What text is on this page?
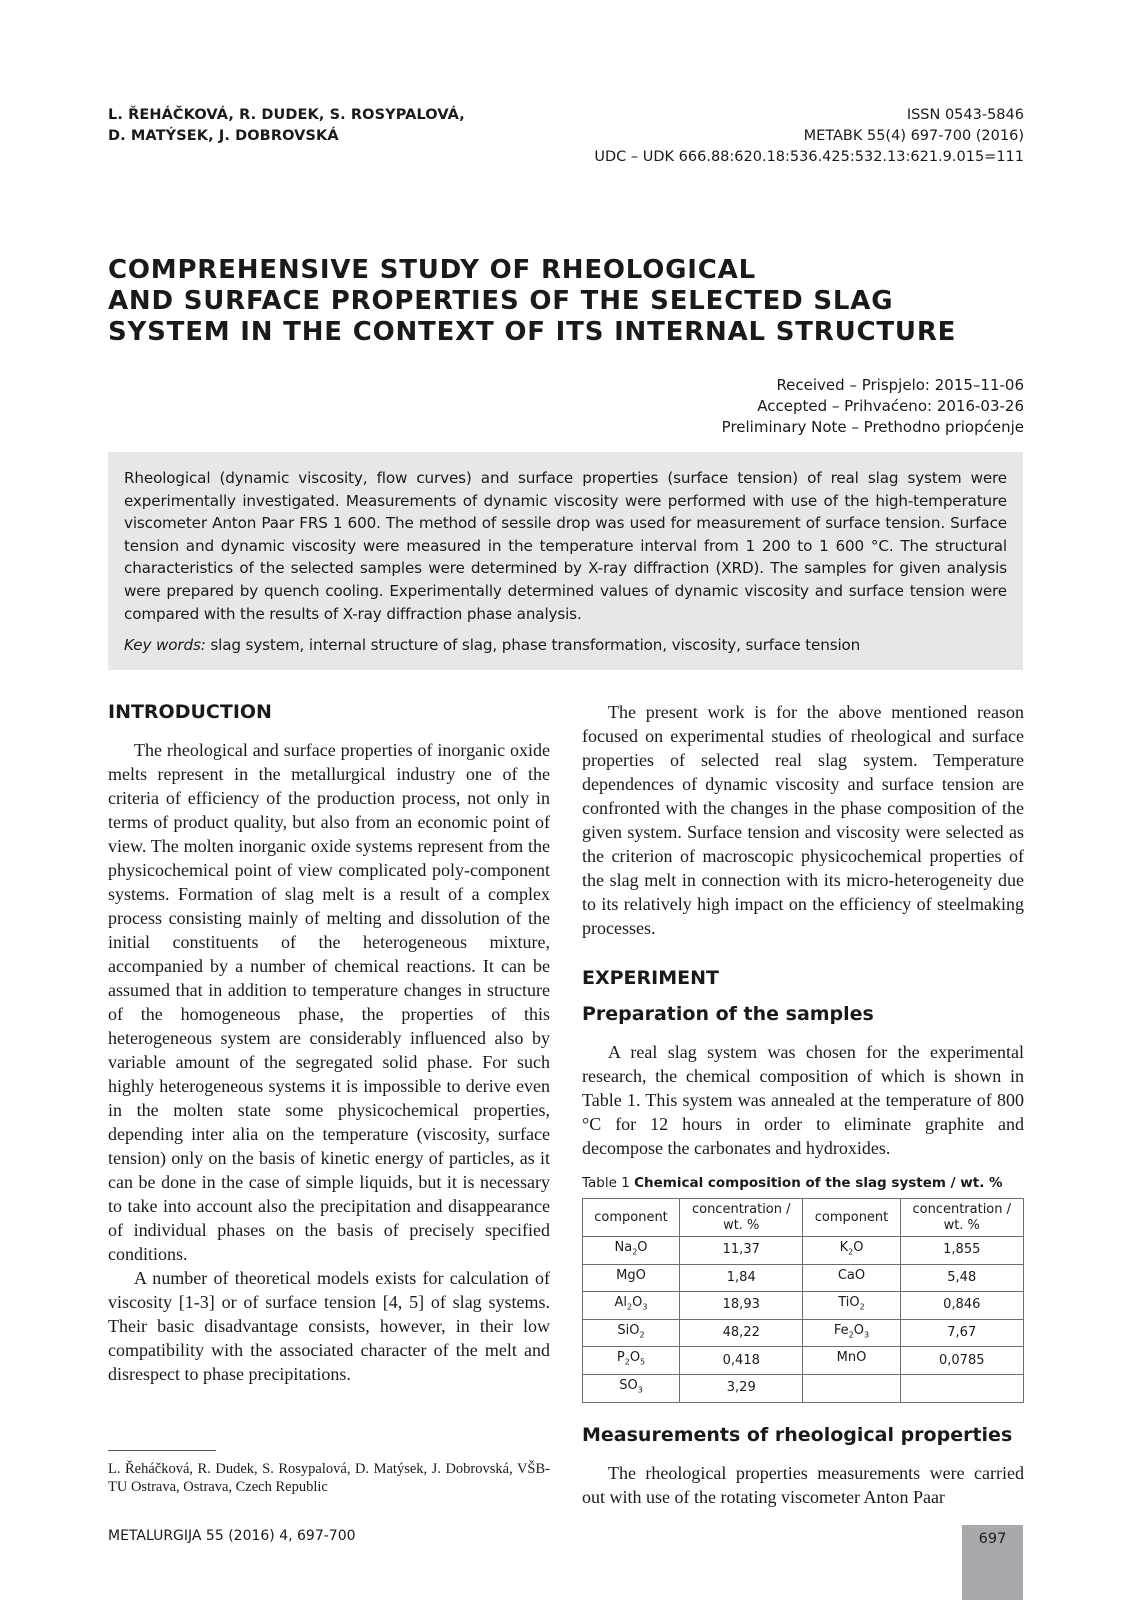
L. ŘEHÁČKOVÁ, R. DUDEK, S. ROSYPALOVÁ,
D. MATÝSEK, J. DOBROVSKÁ
ISSN 0543-5846
METABK 55(4) 697-700 (2016)
UDC – UDK 666.88:620.18:536.425:532.13:621.9.015=111
COMPREHENSIVE STUDY OF RHEOLOGICAL
AND SURFACE PROPERTIES OF THE SELECTED SLAG
SYSTEM IN THE CONTEXT OF ITS INTERNAL STRUCTURE
Received – Prispjelo: 2015–11-06
Accepted – Prihvaćeno: 2016-03-26
Preliminary Note – Prethodno priopćenje

Rheological (dynamic viscosity, flow curves) and surface properties (surface tension) of real slag system were experimentally investigated. Measurements of dynamic viscosity were performed with use of the high-temperature viscometer Anton Paar FRS 1 600. The method of sessile drop was used for measurement of surface tension. Surface tension and dynamic viscosity were measured in the temperature interval from 1 200 to 1 600 °C. The structural characteristics of the selected samples were determined by X-ray diffraction (XRD). The samples for given analysis were prepared by quench cooling. Experimentally determined values of dynamic viscosity and surface tension were compared with the results of X-ray diffraction phase analysis.

Key words: slag system, internal structure of slag, phase transformation, viscosity, surface tension

INTRODUCTION

The rheological and surface properties of inorganic oxide melts represent in the metallurgical industry one of the criteria of efficiency of the production process, not only in terms of product quality, but also from an economic point of view. The molten inorganic oxide systems represent from the physicochemical point of view complicated poly-component systems. Formation of slag melt is a result of a complex process consisting mainly of melting and dissolution of the initial constituents of the heterogeneous mixture, accompanied by a number of chemical reactions. It can be assumed that in addition to temperature changes in structure of the homogeneous phase, the properties of this heterogeneous system are considerably influenced also by variable amount of the segregated solid phase. For such highly heterogeneous systems it is impossible to derive even in the molten state some physicochemical properties, depending inter alia on the temperature (viscosity, surface tension) only on the basis of kinetic energy of particles, as it can be done in the case of simple liquids, but it is necessary to take into account also the precipitation and disappearance of individual phases on the basis of precisely specified conditions.

A number of theoretical models exists for calculation of viscosity [1-3] or of surface tension [4, 5] of slag systems. Their basic disadvantage consists, however, in their low compatibility with the associated character of the melt and disrespect to phase precipitations.

The present work is for the above mentioned reason focused on experimental studies of rheological and surface properties of selected real slag system. Temperature dependences of dynamic viscosity and surface tension are confronted with the changes in the phase composition of the given system. Surface tension and viscosity were selected as the criterion of macroscopic physicochemical properties of the slag melt in connection with its micro-heterogeneity due to its relatively high impact on the efficiency of steelmaking processes.

EXPERIMENT
Preparation of the samples

A real slag system was chosen for the experimental research, the chemical composition of which is shown in Table 1. This system was annealed at the temperature of 800 °C for 12 hours in order to eliminate graphite and decompose the carbonates and hydroxides.

Table 1 Chemical composition of the slag system / wt. %
component	concentration / wt. %	component	concentration / wt. %
$Na_2O$	11,37	$K_2O$	1,855
MgO	1,84	CaO	5,48
$Al_2O_3$	18,93	TiO$_2$	0,846
SiO$_2$	48,22	$Fe_2O_3$	7,67
$P_2O_5$	0,418	MnO	0,0785
$SO_3$	3,29		
Measurements of rheological properties

The rheological properties measurements were carried out with use of the rotating viscometer Anton Paar

L. Řeháčková, R. Dudek, S. Rosypalová, D. Matýsek, J. Dobrovská, VŠB-TU Ostrava, Ostrava, Czech Republic
METALURGIJA 55 (2016) 4, 697-700	697
